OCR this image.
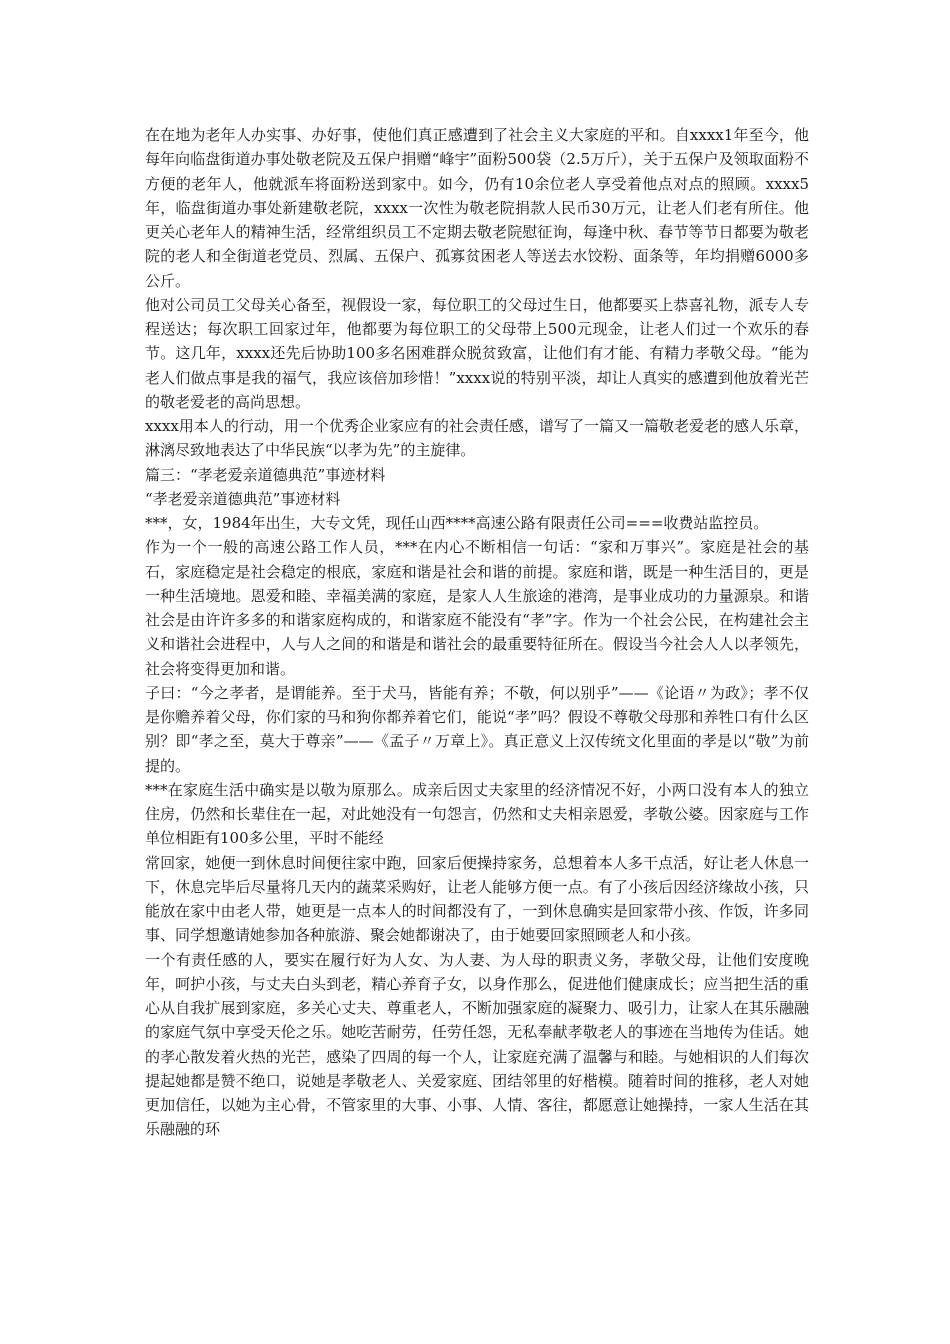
在在地为老年人办实事、办好事，使他们真正感遭到了社会主义大家庭的平和。自xxxx1年至今，他每年向临盘街道办事处敬老院及五保户捐赠“峰宇”面粉500袋（2.5万斤），关于五保户及领取面粉不方便的老年人，他就派车将面粉送到家中。如今，仍有10余位老人享受着他点对点的照顾。xxxx5年，临盘街道办事处新建敬老院，xxxx一次性为敬老院捐款人民币30万元，让老人们老有所住。他更关心老年人的精神生活，经常组织员工不定期去敬老院慰征询，每逢中秋、春节等节日都要为敬老院的老人和全街道老党员、烈属、五保户、孤寡贫困老人等送去水饺粉、面条等，年均捐赠6000多公斤。

他对公司员工父母关心备至，视假设一家，每位职工的父母过生日，他都要买上恭喜礼物，派专人专程送达；每次职工回家过年，他都要为每位职工的父母带上500元现金，让老人们过一个欢乐的春节。这几年，xxxx还先后协助100多名困难群众脱贫致富，让他们有才能、有精力孝敬父母。“能为老人们做点事是我的福气，我应该倍加珍惜！”xxxx说的特别平淡，却让人真实的感遭到他放着光芒的敬老爱老的高尚思想。

xxxx用本人的行动，用一个优秀企业家应有的社会责任感，谱写了一篇又一篇敬老爱老的感人乐章，淋漓尽致地表达了中华民族“以孝为先”的主旋律。

篇三：“孝老爱亲道德典范”事迹材料

“孝老爱亲道德典范”事迹材料

***，女，1984年出生，大专文凭，现任山西****高速公路有限责任公司===收费站监控员。

作为一个一般的高速公路工作人员，***在内心不断相信一句话：“家和万事兴”。家庭是社会的基石，家庭稳定是社会稳定的根底，家庭和谐是社会和谐的前提。家庭和谐，既是一种生活目的，更是一种生活境地。恩爱和睦、幸福美满的家庭，是家人人生旅途的港湾，是事业成功的力量源泉。和谐社会是由许许多多的和谐家庭构成的，和谐家庭不能没有“孝”字。作为一个社会公民，在构建社会主义和谐社会进程中，人与人之间的和谐是和谐社会的最重要特征所在。假设当今社会人人以孝领先，社会将变得更加和谐。

子曰：“今之孝者，是谓能养。至于犬马，皆能有养；不敬，何以别乎”——《论语〃为政》；孝不仅是你赡养着父母，你们家的马和狗你都养着它们，能说“孝”吗？假设不尊敬父母那和养牲口有什么区别？即“孝之至，莫大于尊亲”——《孟子〃万章上》。真正意义上汉传统文化里面的孝是以“敬”为前提的。

***在家庭生活中确实是以敬为原那么。成亲后因丈夫家里的经济情况不好，小两口没有本人的独立住房，仍然和长辈住在一起，对此她没有一句怨言，仍然和丈夫相亲恩爱，孝敬公婆。因家庭与工作单位相距有100多公里，平时不能经

常回家，她便一到休息时间便往家中跑，回家后便操持家务，总想着本人多干点活，好让老人休息一下，休息完毕后尽量将几天内的蔬菜采购好，让老人能够方便一点。有了小孩后因经济缘故小孩，只能放在家中由老人带，她更是一点本人的时间都没有了，一到休息确实是回家带小孩、作饭，许多同事、同学想邀请她参加各种旅游、聚会她都谢决了，由于她要回家照顾老人和小孩。

一个有责任感的人，要实在履行好为人女、为人妻、为人母的职责义务，孝敬父母，让他们安度晚年，呵护小孩，与丈夫白头到老，精心养育子女，以身作那么，促进他们健康成长；应当把生活的重心从自我扩展到家庭，多关心丈夫、尊重老人，不断加强家庭的凝聚力、吸引力，让家人在其乐融融的家庭气氛中享受天伦之乐。她吃苦耐劳，任劳任怨，无私奉献孝敬老人的事迹在当地传为佳话。她的孝心散发着火热的光芒，感染了四周的每一个人，让家庭充满了温馨与和睦。与她相识的人们每次提起她都是赞不绝口，说她是孝敬老人、关爱家庭、团结邻里的好楷模。随着时间的推移，老人对她更加信任，以她为主心骨，不管家里的大事、小事、人情、客往，都愿意让她操持，一家人生活在其乐融融的环
